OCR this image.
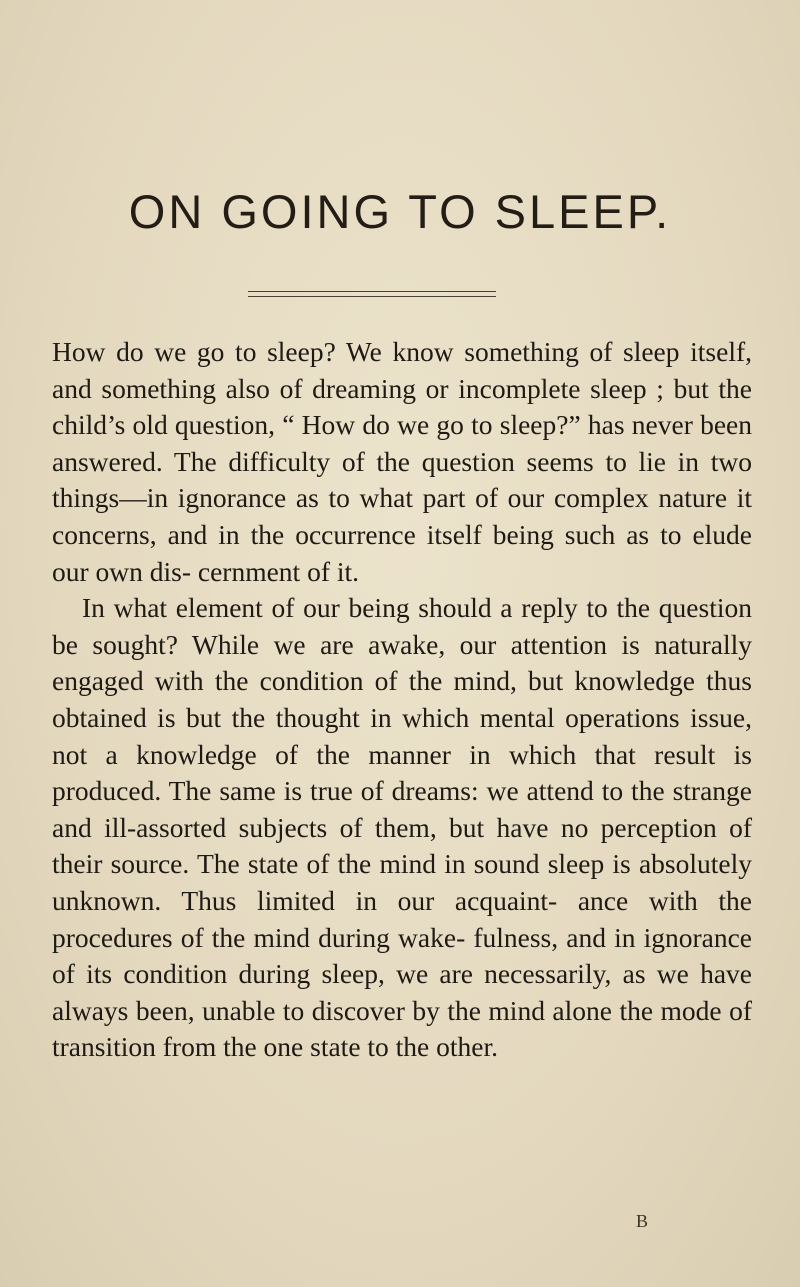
ON GOING TO SLEEP.

How do we go to sleep? We know something of sleep itself, and something also of dreaming or incomplete sleep ; but the child’s old question, “ How do we go to sleep?” has never been answered. The difficulty of the question seems to lie in two things—in ignorance as to what part of our complex nature it concerns, and in the occurrence itself being such as to elude our own dis- cernment of it.

In what element of our being should a reply to the question be sought? While we are awake, our attention is naturally engaged with the condition of the mind, but knowledge thus obtained is but the thought in which mental operations issue, not a knowledge of the manner in which that result is produced. The same is true of dreams: we attend to the strange and ill-assorted subjects of them, but have no perception of their source. The state of the mind in sound sleep is absolutely unknown. Thus limited in our acquaint- ance with the procedures of the mind during wake- fulness, and in ignorance of its condition during sleep, we are necessarily, as we have always been, unable to discover by the mind alone the mode of transition from the one state to the other.

B
